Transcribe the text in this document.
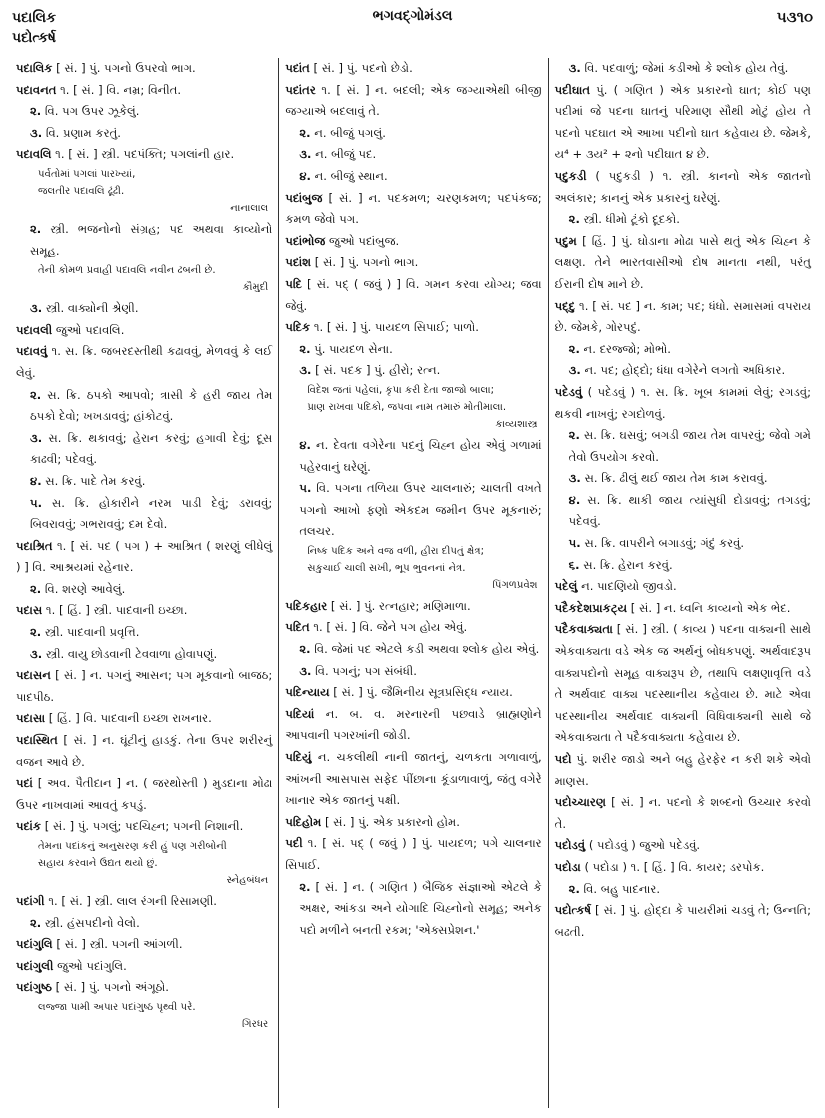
પદાલિક
પદોત્કર્ષ
ભગવદ્ગોમંડલ	૫૩૧૦

પદાલિક [ સં. ] પું. પગનો ઉપરવો ભાગ.

પદાવનત ૧. [ સં. ] વિ. નમ્ર; વિનીત.

૨. વિ. પગ ઉપર ઝૂકેલું.

૩. વિ. પ્રણામ કરતું.

પદાવલિ ૧. [ સં. ] સ્ત્રી. પદપંક્તિ; પગલાંની હાર.

પર્વતોમાં પગલાં પારખ્યાં,
જલતીર પદાવલિ ઢૂંઢી.
નાનાલાલ

૨. સ્ત્રી. ભજનોનો સંગ્રહ; પદ અથવા કાવ્યોનો સમૂહ.

તેની કોમળ પ્રવાહી પદાવલિ નવીન ઢબની છે.
કૌમુદી

૩. સ્ત્રી. વાક્યોની શ્રેણી.

પદાવલી જુઓ પદાવલિ.

પદાવવું ૧. સ. ક્રિ. જબરદસ્તીથી કઢાવવું, મેળવવું કે લઈ લેવું.

૨. સ. ક્રિ. ઠપકો આપવો; ત્રાસી કે હરી જાય તેમ ઠપકો દેવો; ખખડાવવું; હાંકોટવું.

૩. સ. ક્રિ. થકાવવું; હેરાન કરવું; હગાવી દેવું; દૂસ કાઢવી; પદેવવું.

૪. સ. ક્રિ. પાદે તેમ કરવું.

૫. સ. ક્રિ. હોકારીને નરમ પાડી દેવું; ડરાવવું; બિવરાવવું; ગભરાવવું; દમ દેવો.

પદાશ્રિત ૧. [ સં. પદ ( પગ ) + આશ્રિત ( શરણું લીધેલું ) ] વિ. આશ્રયમાં રહેનાર.

૨. વિ. શરણે આવેલું.

પદાસ ૧. [ હિં. ] સ્ત્રી. પાદવાની ઇચ્છા.

૨. સ્ત્રી. પાદવાની પ્રવૃત્તિ.

૩. સ્ત્રી. વાયુ છોડવાની ટેવવાળા હોવાપણું.

પદાસન [ સં. ] ન. પગનું આસન; પગ મૂકવાનો બાજઠ; પાદપીઠ.

પદાસા [ હિં. ] વિ. પાદવાની ઇચ્છા રાખનાર.

પદાસ્થિત [ સં. ] ન. ઘૂંટીનું હાડકું. તેના ઉપર શરીરનું વજન આવે છે.

પદાં [ અવ. પૈતીદાન ] ન. ( જરથોસ્તી ) મુડદાના મોઢા ઉપર નાખવામાં આવતું કપડું.

પદાંક [ સં. ] પું. પગલું; પદચિહ્ન; પગની નિશાની.

તેમના પદાંકનું અનુસરણ કરી હું પણ ગરીબોની
સહાય કરવાને ઉદ્યત થયો છું.
સ્નેહબંધન

પદાંગી ૧. [ સં. ] સ્ત્રી. લાલ રંગની રિસામણી.

૨. સ્ત્રી. હંસપદીનો વેલો.

પદાંગુલિ [ સં. ] સ્ત્રી. પગની આંગળી.

પદાંગુલી જુઓ પદાંગુલિ.

પદાંગુષ્ઠ [ સં. ] પું. પગનો અંગૂઠો.

લજ્જા પામી અપાર પદાંગુષ્ઠ પૃથ્વી પરે.
ગિરધર

પદાંત [ સં. ] પું. પદનો છેડો.

પદાંતર ૧. [ સં. ] ન. બદલી; એક જગ્યાએથી બીજી જગ્યાએ બદલાવું તે.

૨. ન. બીજું પગલું.

૩. ન. બીજું પદ.

૪. ન. બીજું સ્થાન.

પદાંબુજ [ સં. ] ન. પદકમળ; ચરણકમળ; પદપંકજ; કમળ જેવો પગ.

પદાંભોજ જુઓ પદાંબુજ.

પદાંશ [ સં. ] પું. પગનો ભાગ.

પદિ [ સં. પદ્ ( જવું ) ] વિ. ગમન કરવા યોગ્ય; જવા જેવું.

પદિક ૧. [ સં. ] પું. પાયદળ સિપાઈ; પાળો.

૨. પું. પાયદળ સેના.

૩. [ સં. પદક ] પું. હીરો; રત્ન.

વિદેશ જતાં પહેલાં, કૃપા કરી દેતા જાજો બાલા;
પ્રાણ રાખવા પદિકો, જપવા નામ તમારું મોતીમાલા.
કાવ્યશાસ્ત્ર

૪. ન. દેવતા વગેરેના પદનું ચિહ્ન હોય એવું ગળામાં પહેરવાનું ઘરેણું.

૫. વિ. પગના તળિયા ઉપર ચાલનારું; ચાલતી વખતે પગનો આખો ફણો એકદમ જમીન ઉપર મૂકનારું; તલચર.

નિષ્ક પદિક અને વજ વળી, હીરા દીપતું ક્ષેત્ર;
સકુચાઈ ચાલી સખી, ભૂપ ભુવનનાં નેત્ર.
પિંગળપ્રવેશ

પદિકહાર [ સં. ] પું. રત્નહાર; મણિમાળા.

પદિત ૧. [ સં. ] વિ. જેને પગ હોય એવું.

૨. વિ. જેમાં પદ એટલે કડી અથવા શ્લોક હોય એવું.

૩. વિ. પગનું; પગ સંબંધી.

પદિન્યાય [ સં. ] પું. જૈમિનીય સૂત્રપ્રસિદ્ધ ન્યાય.

પદિયાં ન. બ. વ. મરનારની પછવાડે બ્રાહ્મણોને આપવાની પગરખાંની જોડી.

પદિયું ન. ચકલીથી નાની જાતનું, ચળકતા ગળાવાળું, આંખની આસપાસ સફેદ પીંછાના કૂંડાળાવાળું, જંતુ વગેરે ખાનાર એક જાતનું પક્ષી.

પદિહોમ [ સં. ] પું. એક પ્રકારનો હોમ.

પદી ૧. [ સં. પદ્ ( જવું ) ] પું. પાયદળ; પગે ચાલનાર સિપાઈ.

૨. [ સં. ] ન. ( ગણિત ) બૈજિક સંજ્ઞાઓ એટલે કે અક્ષર, આંકડા અને યોગાદિ ચિહ્નોનો સમૂહ; અનેક પદો મળીને બનતી રકમ; 'એક્સપ્રેશન.'

૩. વિ. પદવાળું; જેમાં કડીઓ કે શ્લોક હોય તેવું.

પદીઘાત પું. ( ગણિત ) એક પ્રકારનો ઘાત; કોઈ પણ પદીમાં જે પદના ઘાતનું પરિમાણ સૌથી મોટું હોય તે પદનો પદઘાત એ આખા પદીનો ઘાત કહેવાય છે. જેમકે, ય⁴ + ૩ય² + ૨નો પદીઘાત ૪ છે.

પદુકડી ( પદુકડી ) ૧. સ્ત્રી. કાનનો એક જાતનો અલંકાર; કાનનું એક પ્રકારનું ઘરેણું.

૨. સ્ત્રી. ધીમો ટૂંકો દૂદકો.

પદુમ [ હિં. ] પું. ઘોડાના મોઢા પાસે થતું એક ચિહ્ન કે લક્ષણ. તેને ભારતવાસીઓ દોષ માનતા નથી, પરંતુ ઈરાની દોષ માને છે.

પદ્દુ ૧. [ સં. પદ ] ન. કામ; પદ; ધંધો. સમાસમાં વપરાય છે. જેમકે, ગોરપદું.

૨. ન. દરજ્જો; મોભો.

૩. ન. પદ; હોદ્દો; ધંધા વગેરેને લગતો અધિકાર.

પદેડવું ( પદેડવું ) ૧. સ. ક્રિ. ખૂબ કામમાં લેવું; રગડવું; થકવી નાખવું; રગદોળવું.

૨. સ. ક્રિ. ઘસવું; બગડી જાય તેમ વાપરવું; જેવો ગમે તેવો ઉપયોગ કરવો.

૩. સ. ક્રિ. ઢીલું થઈ જાય તેમ કામ કરાવવું.

૪. સ. ક્રિ. થાકી જાય ત્યાંસુધી દોડાવવું; તગડવું; પદેવવું.

૫. સ. ક્રિ. વાપરીને બગાડવું; ગંદું કરવું.

૬. સ. ક્રિ. હેરાન કરવું.

પદેલું ન. પાદણિયો જીવડો.

પદૈકદેશપ્રાકટ્ય [ સં. ] ન. ધ્વનિ કાવ્યનો એક ભેદ.

પદૈકવાક્યતા [ સં. ] સ્ત્રી. ( કાવ્ય ) પદના વાક્યની સાથે એકવાક્યતા વડે એક જ અર્થનું બોધકપણું. અર્થવાદરૂપ વાક્યપદોનો સમૂહ વાક્યરૂપ છે, તથાપિ લક્ષણાવૃત્તિ વડે તે અર્થવાદ વાક્ય પદસ્થાનીય કહેવાય છે. માટે એવા પદસ્થાનીય અર્થવાદ વાક્યની વિધિવાક્યની સાથે જે એકવાક્યતા તે પદૈકવાક્યતા કહેવાય છે.

પદો પું. શરીર જાડો અને બહુ હેરફેર ન કરી શકે એવો માણસ.

પદોચ્ચારણ [ સં. ] ન. પદનો કે શબ્દનો ઉચ્ચાર કરવો તે.

પદોડવું ( પદોડવું ) જુઓ પદેડવું.

પદોડા ( પદોડા ) ૧. [ હિં. ] વિ. કાયર; ડરપોક.

૨. વિ. બહુ પાદનાર.

પદોત્કર્ષ [ સં. ] પું. હોદ્દા કે પાયરીમાં ચડવું તે; ઉન્નતિ; બઢતી.
